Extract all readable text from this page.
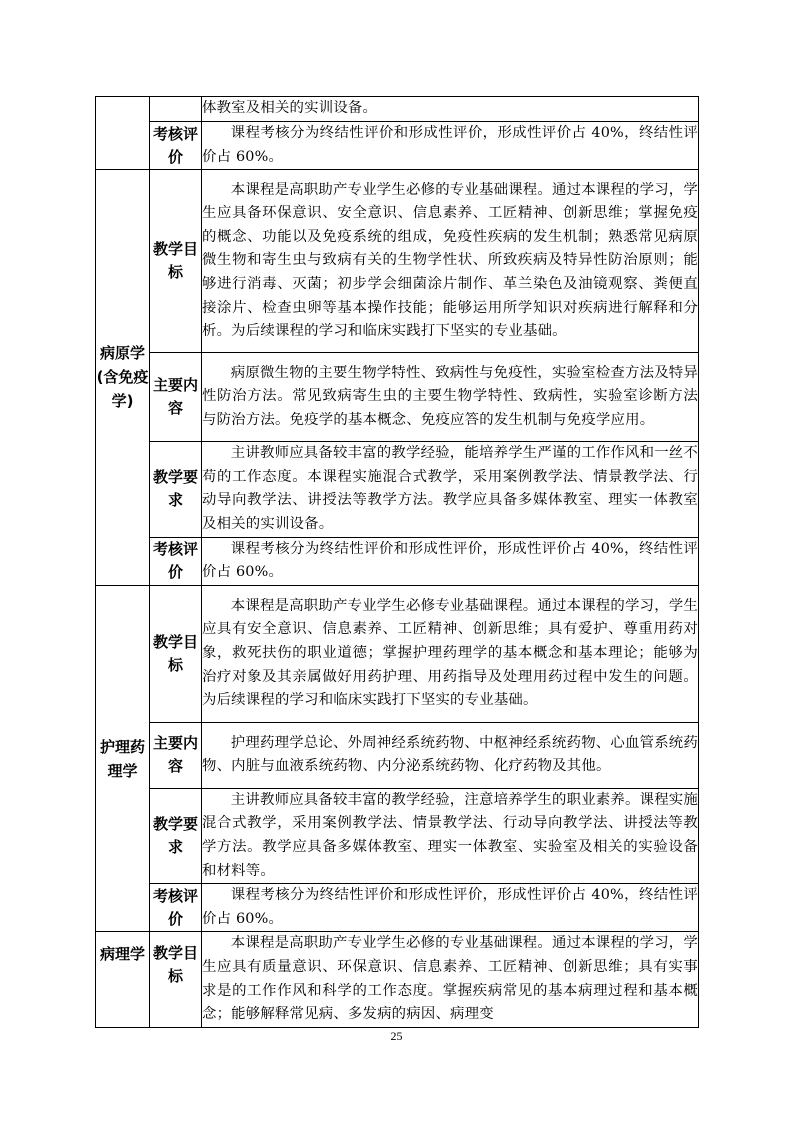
		体教室及相关的实训设备。

	考核评价	课程考核分为终结性评价和形成性评价，形成性评价占 40%，终结性评价占 60%。

病原学(含免疫学)	教学目标	本课程是高职助产专业学生必修的专业基础课程。通过本课程的学习，学生应具备环保意识、安全意识、信息素养、工匠精神、创新思维；掌握免疫的概念、功能以及免疫系统的组成，免疫性疾病的发生机制；熟悉常见病原微生物和寄生虫与致病有关的生物学性状、所致疾病及特异性防治原则；能够进行消毒、灭菌；初步学会细菌涂片制作、革兰染色及油镜观察、粪便直接涂片、检查虫卵等基本操作技能；能够运用所学知识对疾病进行解释和分析。为后续课程的学习和临床实践打下坚实的专业基础。

	主要内容	病原微生物的主要生物学特性、致病性与免疫性，实验室检查方法及特异性防治方法。常见致病寄生虫的主要生物学特性、致病性，实验室诊断方法与防治方法。免疫学的基本概念、免疫应答的发生机制与免疫学应用。

	教学要求	主讲教师应具备较丰富的教学经验，能培养学生严谨的工作作风和一丝不苟的工作态度。本课程实施混合式教学，采用案例教学法、情景教学法、行动导向教学法、讲授法等教学方法。教学应具备多媒体教室、理实一体教室及相关的实训设备。

	考核评价	课程考核分为终结性评价和形成性评价，形成性评价占 40%，终结性评价占 60%。

护理药理学	教学目标	本课程是高职助产专业学生必修专业基础课程。通过本课程的学习，学生应具有安全意识、信息素养、工匠精神、创新思维；具有爱护、尊重用药对象，救死扶伤的职业道德；掌握护理药理学的基本概念和基本理论；能够为治疗对象及其亲属做好用药护理、用药指导及处理用药过程中发生的问题。为后续课程的学习和临床实践打下坚实的专业基础。

	主要内容	护理药理学总论、外周神经系统药物、中枢神经系统药物、心血管系统药物、内脏与血液系统药物、内分泌系统药物、化疗药物及其他。

	教学要求	主讲教师应具备较丰富的教学经验，注意培养学生的职业素养。课程实施混合式教学，采用案例教学法、情景教学法、行动导向教学法、讲授法等教学方法。教学应具备多媒体教室、理实一体教室、实验室及相关的实验设备和材料等。

	考核评价	课程考核分为终结性评价和形成性评价，形成性评价占 40%，终结性评价占 60%。

病理学	教学目标	本课程是高职助产专业学生必修的专业基础课程。通过本课程的学习，学生应具有质量意识、环保意识、信息素养、工匠精神、创新思维；具有实事求是的工作作风和科学的工作态度。掌握疾病常见的基本病理过程和基本概念；能够解释常见病、多发病的病因、病理变

25
